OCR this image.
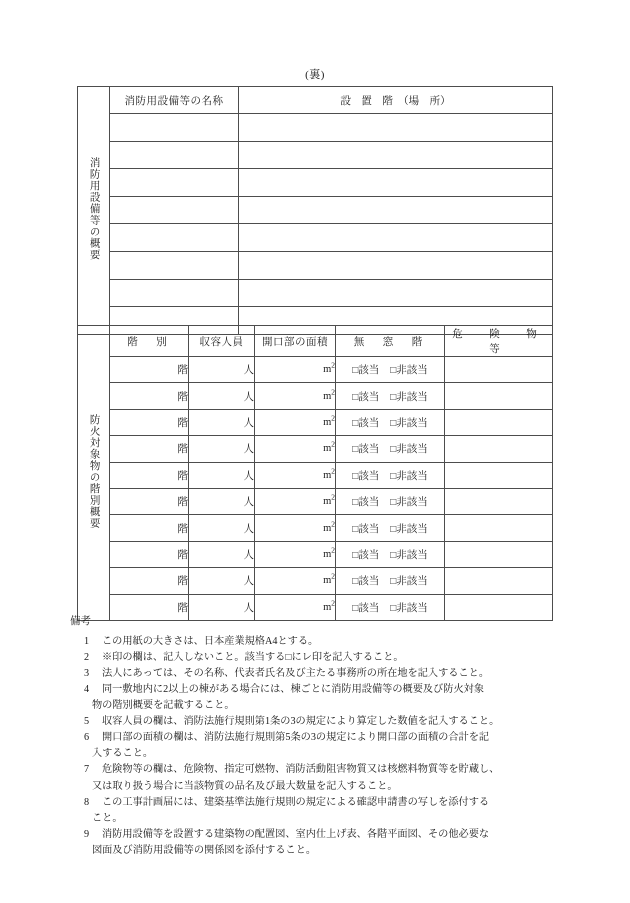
(裏)
消防用設備等の概要	消防用設備等の名称	設　置　階　（場　所）

防火対象物の階別概要	階　別	収容人員	開口部の面積	無　窓　階	危　険　物　等
	階	人	$m^2$	□該当 □非該当	
	階	人	$m^2$	□該当 □非該当	
	階	人	$m^2$	□該当 □非該当	
	階	人	$m^2$	□該当 □非該当	
	階	人	$m^2$	□該当 □非該当	
	階	人	$m^2$	□該当 □非該当	
	階	人	$m^2$	□該当 □非該当	
	階	人	$m^2$	□該当 □非該当	
	階	人	$m^2$	□該当 □非該当	
	階	人	$m^2$	□該当 □非該当	

備考

1	この用紙の大きさは、日本産業規格A4とする。
2	※印の欄は、記入しないこと。該当する□にレ印を記入すること。
3	法人にあっては、その名称、代表者氏名及び主たる事務所の所在地を記入すること。
4	同一敷地内に2以上の棟がある場合には、棟ごとに消防用設備等の概要及び防火対象
物の階別概要を記載すること。
5	収容人員の欄は、消防法施行規則第1条の3の規定により算定した数値を記入すること。
6	開口部の面積の欄は、消防法施行規則第5条の3の規定により開口部の面積の合計を記
入すること。
7	危険物等の欄は、危険物、指定可燃物、消防活動阻害物質又は核燃料物質等を貯蔵し、
又は取り扱う場合に当該物質の品名及び最大数量を記入すること。
8	この工事計画届には、建築基準法施行規則の規定による確認申請書の写しを添付する
こと。
9	消防用設備等を設置する建築物の配置図、室内仕上げ表、各階平面図、その他必要な
図面及び消防用設備等の関係図を添付すること。
